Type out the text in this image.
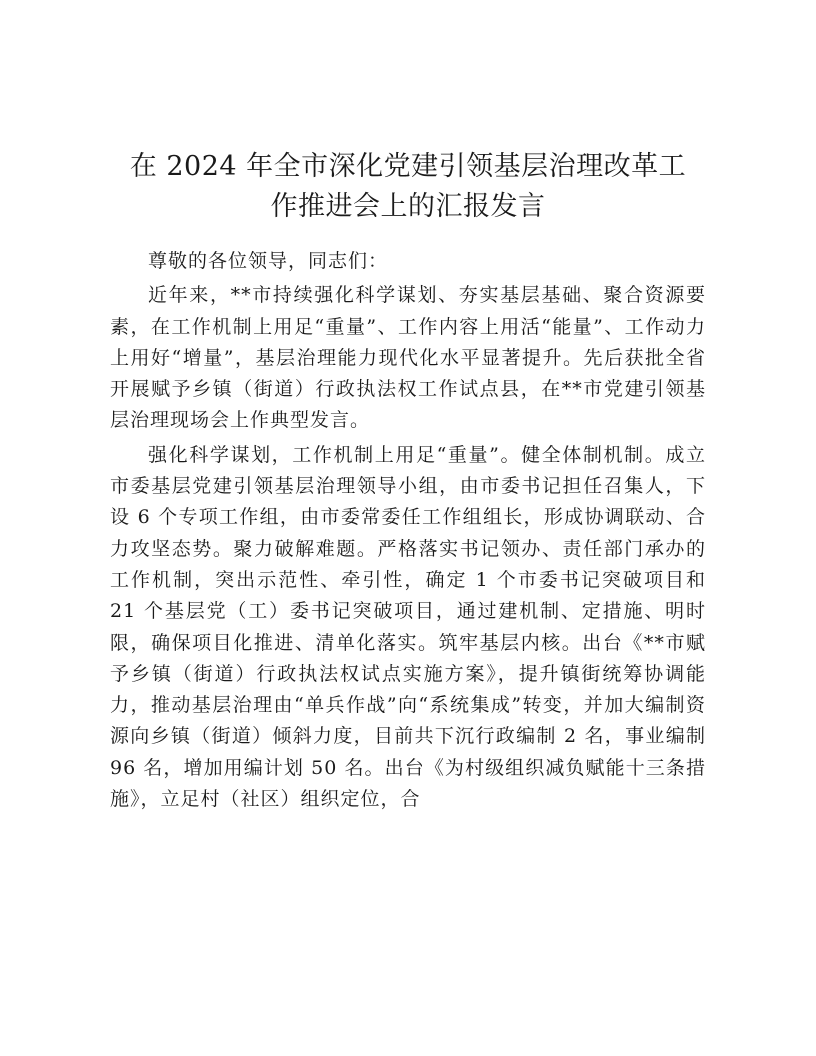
在 2024 年全市深化党建引领基层治理改革工
作推进会上的汇报发言

尊敬的各位领导，同志们：

近年来，**市持续强化科学谋划、夯实基层基础、聚合资源要素，在工作机制上用足“重量”、工作内容上用活“能量”、工作动力上用好“增量”，基层治理能力现代化水平显著提升。先后获批全省开展赋予乡镇（街道）行政执法权工作试点县，在**市党建引领基层治理现场会上作典型发言。

强化科学谋划，工作机制上用足“重量”。健全体制机制。成立市委基层党建引领基层治理领导小组，由市委书记担任召集人，下设 6 个专项工作组，由市委常委任工作组组长，形成协调联动、合力攻坚态势。聚力破解难题。严格落实书记领办、责任部门承办的工作机制，突出示范性、牵引性，确定 1 个市委书记突破项目和 21 个基层党（工）委书记突破项目，通过建机制、定措施、明时限，确保项目化推进、清单化落实。筑牢基层内核。出台《**市赋予乡镇（街道）行政执法权试点实施方案》，提升镇街统筹协调能力，推动基层治理由“单兵作战”向“系统集成”转变，并加大编制资源向乡镇（街道）倾斜力度，目前共下沉行政编制 2 名，事业编制 96 名，增加用编计划 50 名。出台《为村级组织减负赋能十三条措施》，立足村（社区）组织定位，合
